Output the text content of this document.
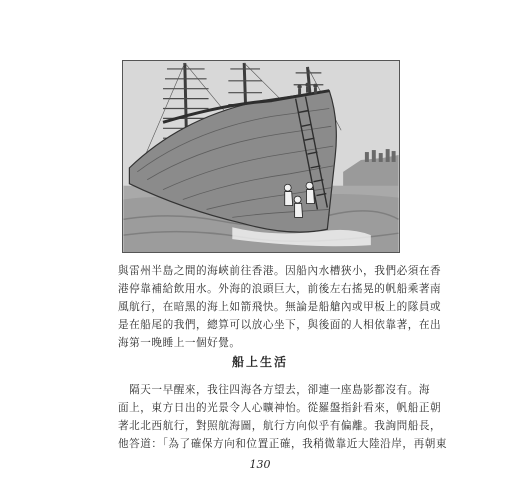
與雷州半島之間的海峽前往香港。因船內水槽狹小，我們必須在香
港停靠補給飲用水。外海的浪頭巨大，前後左右搖晃的帆船乘著南
風航行，在暗黑的海上如箭飛快。無論是船艙內或甲板上的隊員或
是在船尾的我們，總算可以放心坐下，與後面的人相依靠著，在出
海第一晚睡上一個好覺。
船上生活
　隔天一早醒來，我往四海各方望去，卻連一座島影都沒有。海
面上，東方日出的光景令人心曠神怡。從羅盤指針看來，帆船正朝
著北北西航行，對照航海圖，航行方向似乎有偏離。我詢問船長，
他答道：「為了確保方向和位置正確，我稍微靠近大陸沿岸，再朝東
130
